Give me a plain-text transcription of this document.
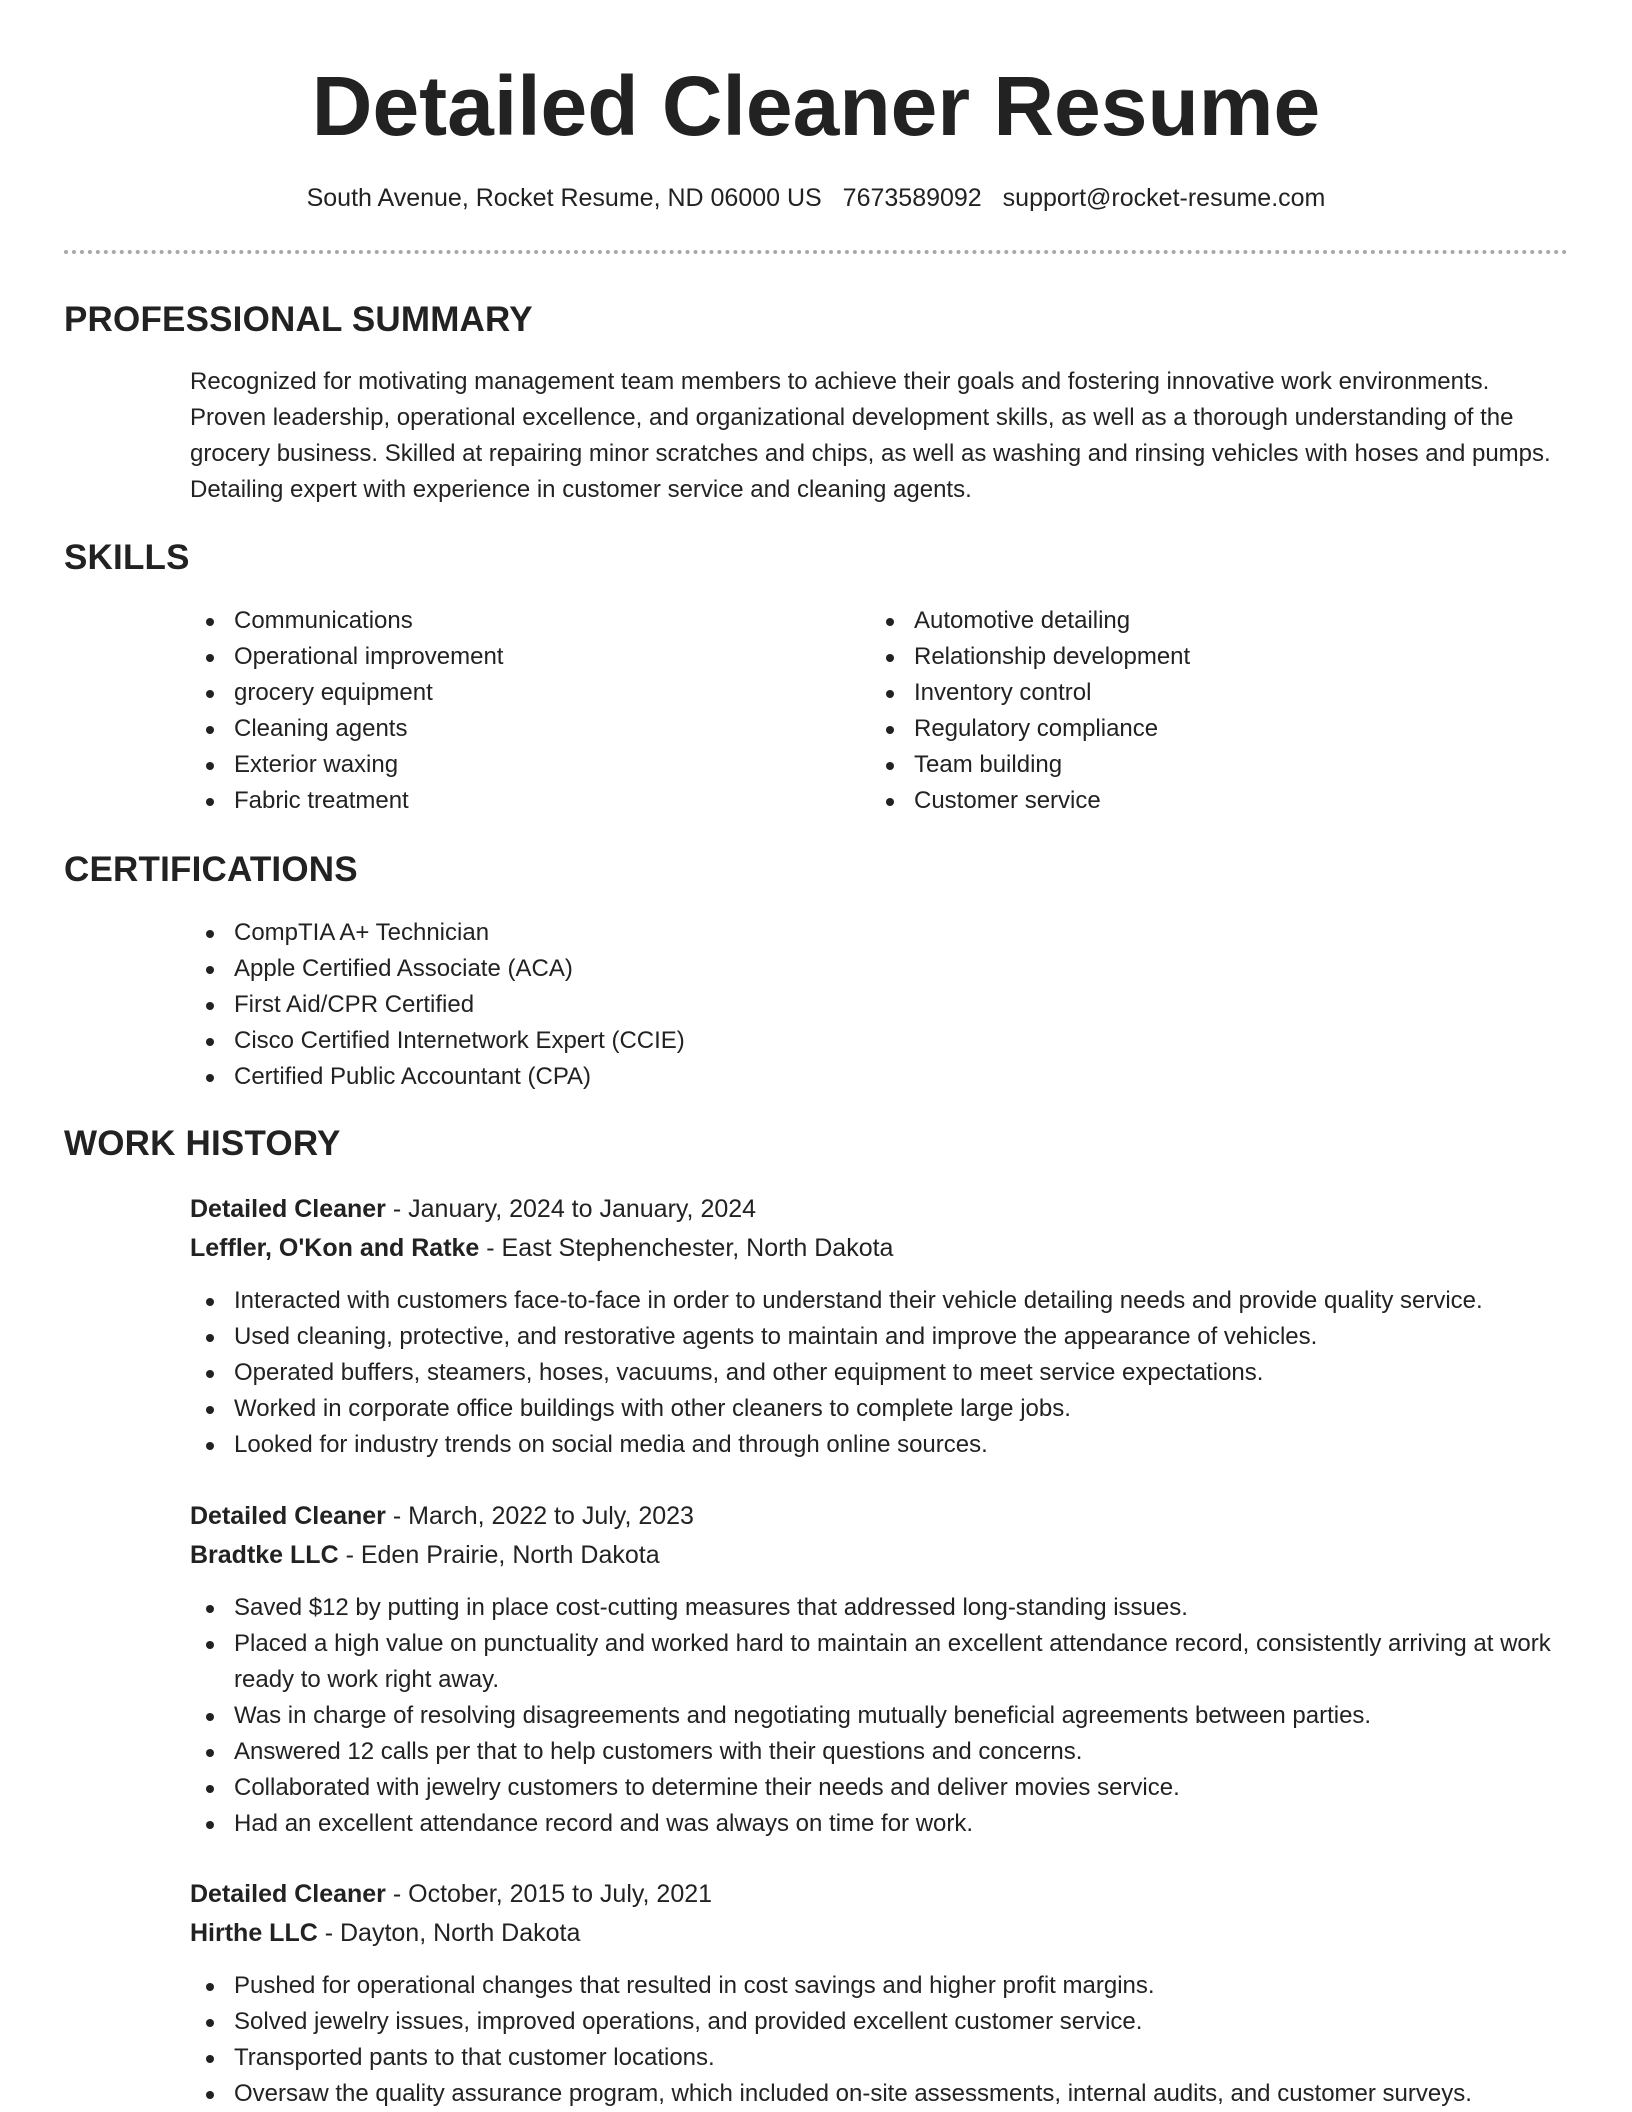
Detailed Cleaner Resume
South Avenue, Rocket Resume, ND 06000 US 7673589092 support@rocket-resume.com
PROFESSIONAL SUMMARY

Recognized for motivating management team members to achieve their goals and fostering innovative work environments. Proven leadership, operational excellence, and organizational development skills, as well as a thorough understanding of the grocery business. Skilled at repairing minor scratches and chips, as well as washing and rinsing vehicles with hoses and pumps. Detailing expert with experience in customer service and cleaning agents.

SKILLS
Communications
Operational improvement
grocery equipment
Cleaning agents
Exterior waxing
Fabric treatment
Automotive detailing
Relationship development
Inventory control
Regulatory compliance
Team building
Customer service
CERTIFICATIONS
CompTIA A+ Technician
Apple Certified Associate (ACA)
First Aid/CPR Certified
Cisco Certified Internetwork Expert (CCIE)
Certified Public Accountant (CPA)
WORK HISTORY
Detailed Cleaner - January, 2024 to January, 2024
Leffler, O'Kon and Ratke - East Stephenchester, North Dakota
Interacted with customers face-to-face in order to understand their vehicle detailing needs and provide quality service.
Used cleaning, protective, and restorative agents to maintain and improve the appearance of vehicles.
Operated buffers, steamers, hoses, vacuums, and other equipment to meet service expectations.
Worked in corporate office buildings with other cleaners to complete large jobs.
Looked for industry trends on social media and through online sources.
Detailed Cleaner - March, 2022 to July, 2023
Bradtke LLC - Eden Prairie, North Dakota
Saved $12 by putting in place cost-cutting measures that addressed long-standing issues.
Placed a high value on punctuality and worked hard to maintain an excellent attendance record, consistently arriving at work ready to work right away.
Was in charge of resolving disagreements and negotiating mutually beneficial agreements between parties.
Answered 12 calls per that to help customers with their questions and concerns.
Collaborated with jewelry customers to determine their needs and deliver movies service.
Had an excellent attendance record and was always on time for work.
Detailed Cleaner - October, 2015 to July, 2021
Hirthe LLC - Dayton, North Dakota
Pushed for operational changes that resulted in cost savings and higher profit margins.
Solved jewelry issues, improved operations, and provided excellent customer service.
Transported pants to that customer locations.
Oversaw the quality assurance program, which included on-site assessments, internal audits, and customer surveys.
